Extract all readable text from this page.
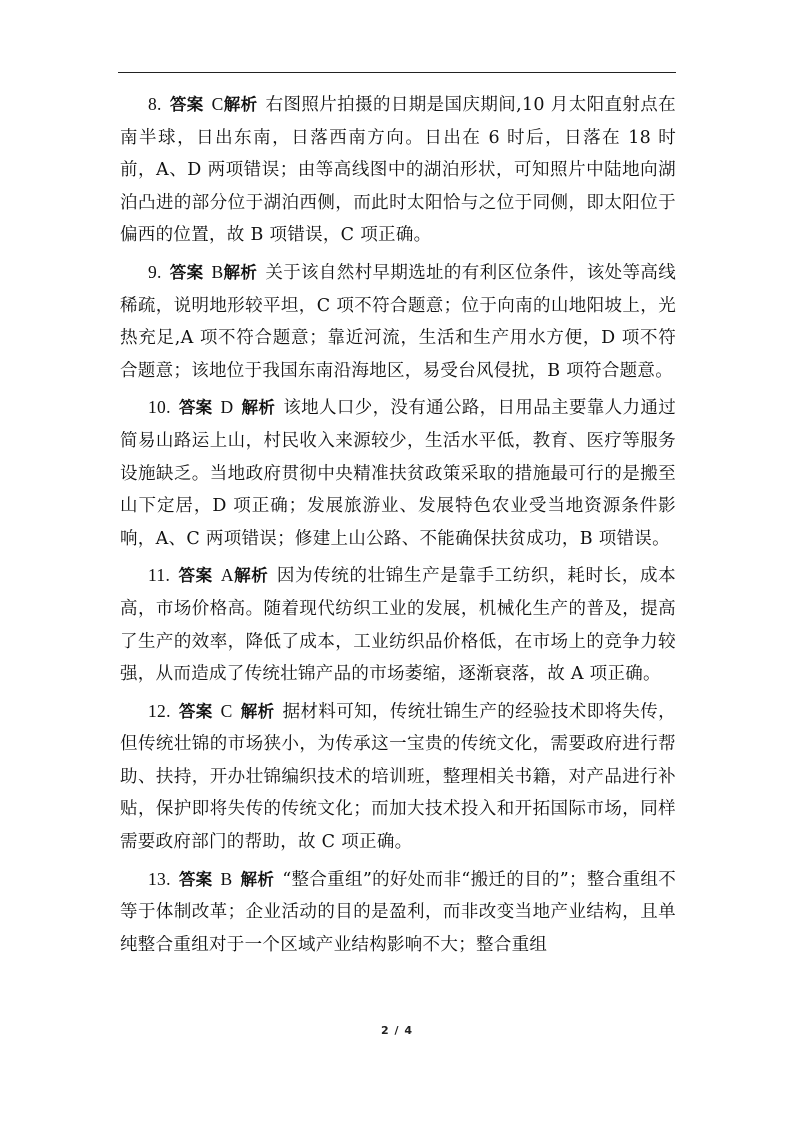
8. 答案 C解析 右图照片拍摄的日期是国庆期间,10 月太阳直射点在南半球，日出东南，日落西南方向。日出在 6 时后，日落在 18 时前，A、D 两项错误；由等高线图中的湖泊形状，可知照片中陆地向湖泊凸进的部分位于湖泊西侧，而此时太阳恰与之位于同侧，即太阳位于偏西的位置，故 B 项错误，C 项正确。

9. 答案 B解析 关于该自然村早期选址的有利区位条件，该处等高线稀疏，说明地形较平坦，C 项不符合题意；位于向南的山地阳坡上，光热充足,A 项不符合题意；靠近河流，生活和生产用水方便，D 项不符合题意；该地位于我国东南沿海地区，易受台风侵扰，B 项符合题意。

10. 答案 D 解析 该地人口少，没有通公路，日用品主要靠人力通过简易山路运上山，村民收入来源较少，生活水平低，教育、医疗等服务设施缺乏。当地政府贯彻中央精准扶贫政策采取的措施最可行的是搬至山下定居，D 项正确；发展旅游业、发展特色农业受当地资源条件影响，A、C 两项错误；修建上山公路、不能确保扶贫成功，B 项错误。

11. 答案 A解析 因为传统的壮锦生产是靠手工纺织，耗时长，成本高，市场价格高。随着现代纺织工业的发展，机械化生产的普及，提高了生产的效率，降低了成本，工业纺织品价格低，在市场上的竞争力较强，从而造成了传统壮锦产品的市场萎缩，逐渐衰落，故 A 项正确。

12. 答案 C 解析 据材料可知，传统壮锦生产的经验技术即将失传，但传统壮锦的市场狭小，为传承这一宝贵的传统文化，需要政府进行帮助、扶持，开办壮锦编织技术的培训班，整理相关书籍，对产品进行补贴，保护即将失传的传统文化；而加大技术投入和开拓国际市场，同样需要政府部门的帮助，故 C 项正确。

13. 答案 B 解析 “整合重组”的好处而非“搬迁的目的”；整合重组不等于体制改革；企业活动的目的是盈利，而非改变当地产业结构，且单纯整合重组对于一个区域产业结构影响不大；整合重组

2 / 4
